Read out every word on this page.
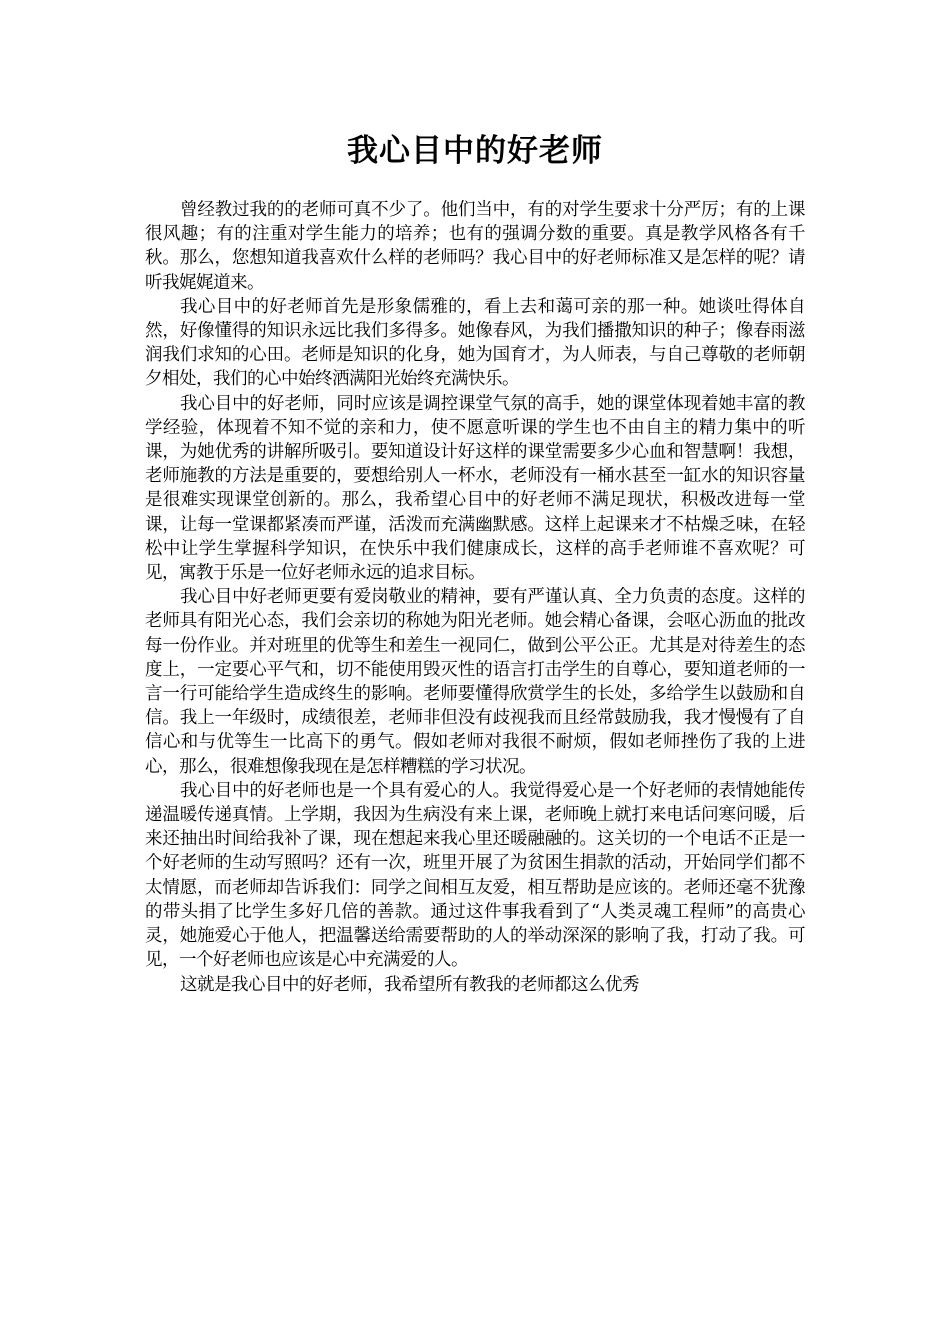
我心目中的好老师

曾经教过我的的老师可真不少了。他们当中，有的对学生要求十分严厉；有的上课很风趣；有的注重对学生能力的培养；也有的强调分数的重要。真是教学风格各有千秋。那么，您想知道我喜欢什么样的老师吗？我心目中的好老师标准又是怎样的呢？请听我娓娓道来。

我心目中的好老师首先是形象儒雅的，看上去和蔼可亲的那一种。她谈吐得体自然，好像懂得的知识永远比我们多得多。她像春风，为我们播撒知识的种子；像春雨滋润我们求知的心田。老师是知识的化身，她为国育才，为人师表，与自己尊敬的老师朝夕相处，我们的心中始终洒满阳光始终充满快乐。

我心目中的好老师，同时应该是调控课堂气氛的高手，她的课堂体现着她丰富的教学经验，体现着不知不觉的亲和力，使不愿意听课的学生也不由自主的精力集中的听课，为她优秀的讲解所吸引。要知道设计好这样的课堂需要多少心血和智慧啊！我想，老师施教的方法是重要的，要想给别人一杯水，老师没有一桶水甚至一缸水的知识容量是很难实现课堂创新的。那么，我希望心目中的好老师不满足现状，积极改进每一堂课，让每一堂课都紧凑而严谨，活泼而充满幽默感。这样上起课来才不枯燥乏味，在轻松中让学生掌握科学知识，在快乐中我们健康成长，这样的高手老师谁不喜欢呢？可见，寓教于乐是一位好老师永远的追求目标。

我心目中好老师更要有爱岗敬业的精神，要有严谨认真、全力负责的态度。这样的老师具有阳光心态，我们会亲切的称她为阳光老师。她会精心备课，会呕心沥血的批改每一份作业。并对班里的优等生和差生一视同仁，做到公平公正。尤其是对待差生的态度上，一定要心平气和，切不能使用毁灭性的语言打击学生的自尊心，要知道老师的一言一行可能给学生造成终生的影响。老师要懂得欣赏学生的长处，多给学生以鼓励和自信。我上一年级时，成绩很差，老师非但没有歧视我而且经常鼓励我，我才慢慢有了自信心和与优等生一比高下的勇气。假如老师对我很不耐烦，假如老师挫伤了我的上进心，那么，很难想像我现在是怎样糟糕的学习状况。

我心目中的好老师也是一个具有爱心的人。我觉得爱心是一个好老师的表情她能传递温暖传递真情。上学期，我因为生病没有来上课，老师晚上就打来电话问寒问暖，后来还抽出时间给我补了课，现在想起来我心里还暖融融的。这关切的一个电话不正是一个好老师的生动写照吗？还有一次，班里开展了为贫困生捐款的活动，开始同学们都不太情愿，而老师却告诉我们：同学之间相互友爱，相互帮助是应该的。老师还毫不犹豫的带头捐了比学生多好几倍的善款。通过这件事我看到了“人类灵魂工程师”的高贵心灵，她施爱心于他人，把温馨送给需要帮助的人的举动深深的影响了我，打动了我。可见，一个好老师也应该是心中充满爱的人。

这就是我心目中的好老师，我希望所有教我的老师都这么优秀
